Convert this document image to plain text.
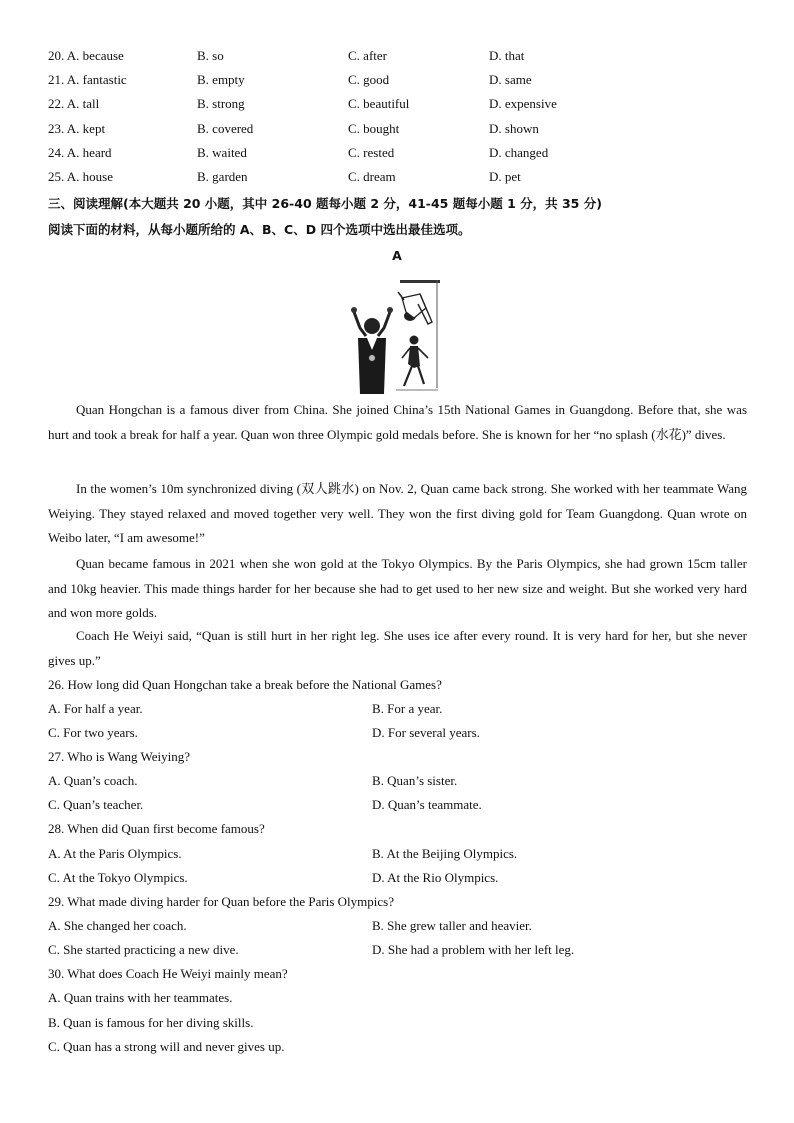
20. A. because	B. so	C. after	D. that
21. A. fantastic	B. empty	C. good	D. same
22. A. tall	B. strong	C. beautiful	D. expensive
23. A. kept	B. covered	C. bought	D. shown
24. A. heard	B. waited	C. rested	D. changed
25. A. house	B. garden	C. dream	D. pet
三、阅读理解(本大题共 20 小题，其中 26-40 题每小题 2 分，41-45 题每小题 1 分，共 35 分)
阅读下面的材料，从每小题所给的 A、B、C、D 四个选项中选出最佳选项。
A
Quan Hongchan is a famous diver from China. She joined China’s 15th National Games in Guangdong. Before that, she was hurt and took a break for half a year. Quan won three Olympic gold medals before. She is known for her “no splash (水花)” dives.
In the women’s 10m synchronized diving (双人跳水) on Nov. 2, Quan came back strong. She worked with her teammate Wang Weiying. They stayed relaxed and moved together very well. They won the first diving gold for Team Guangdong. Quan wrote on Weibo later, “I am awesome!”
Quan became famous in 2021 when she won gold at the Tokyo Olympics. By the Paris Olympics, she had grown 15cm taller and 10kg heavier. This made things harder for her because she had to get used to her new size and weight. But she worked very hard and won more golds.
Coach He Weiyi said, “Quan is still hurt in her right leg. She uses ice after every round. It is very hard for her, but she never gives up.”
26. How long did Quan Hongchan take a break before the National Games?
A. For half a year.	B. For a year.
C. For two years.	D. For several years.
27. Who is Wang Weiying?
A. Quan’s coach.	B. Quan’s sister.
C. Quan’s teacher.	D. Quan’s teammate.
28. When did Quan first become famous?
A. At the Paris Olympics.	B. At the Beijing Olympics.
C. At the Tokyo Olympics.	D. At the Rio Olympics.
29. What made diving harder for Quan before the Paris Olympics?
A. She changed her coach.	B. She grew taller and heavier.
C. She started practicing a new dive.	D. She had a problem with her left leg.
30. What does Coach He Weiyi mainly mean?
A. Quan trains with her teammates.
B. Quan is famous for her diving skills.
C. Quan has a strong will and never gives up.
